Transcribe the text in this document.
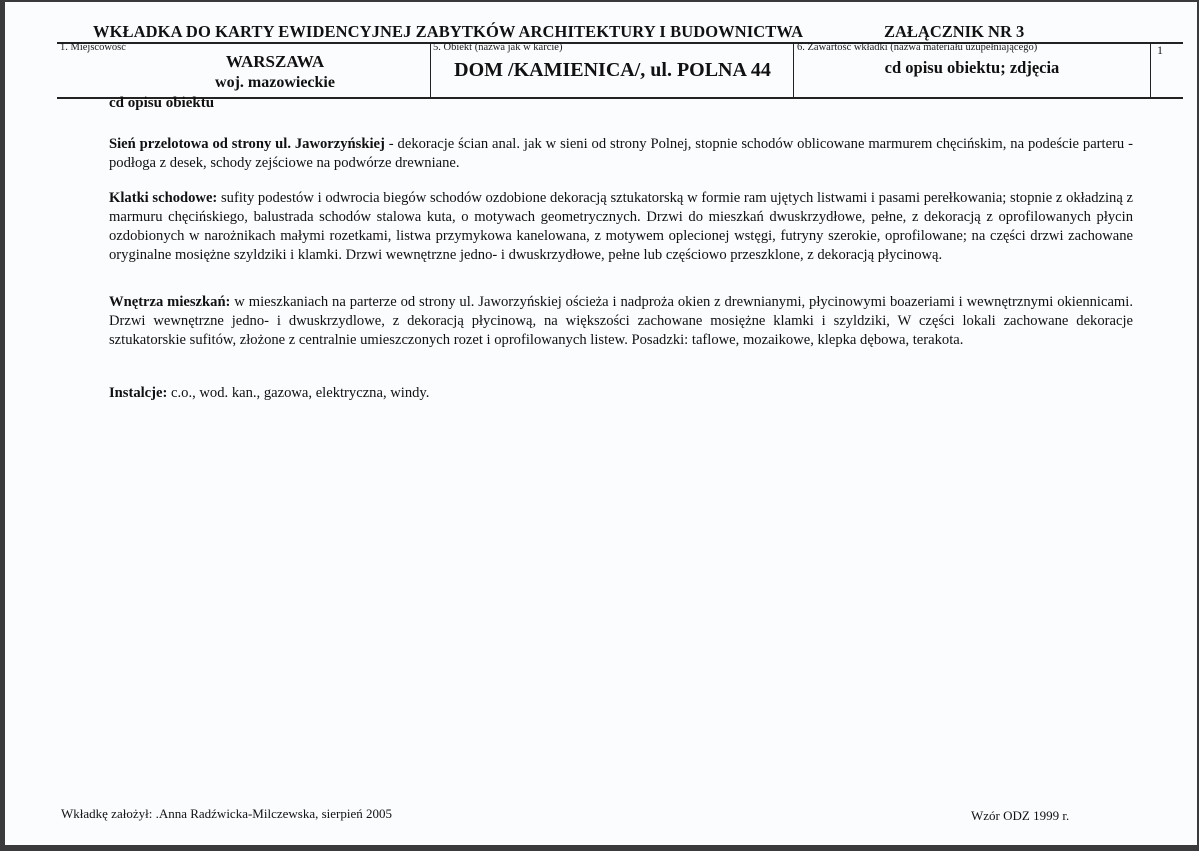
WKŁADKA DO KARTY EWIDENCYJNEJ ZABYTKÓW ARCHITEKTURY I BUDOWNICTWA	ZAŁĄCZNIK NR 3
1. Miejscowość
WARSZAWA
woj. mazowieckie
5. Obiekt (nazwa jak w karcie)
DOM /KAMIENICA/, ul. POLNA 44
6. Zawartość wkładki (nazwa materiału uzupełniającego)
cd opisu obiektu; zdjęcia
1
cd opisu obiektu
Sień przelotowa od strony ul. Jaworzyńskiej - dekoracje ścian anal. jak w sieni od strony Polnej, stopnie schodów oblicowane marmurem chęcińskim, na podeście parteru - podłoga z desek, schody zejściowe na podwórze drewniane.
Klatki schodowe: sufity podestów i odwrocia biegów schodów ozdobione dekoracją sztukatorską w formie ram ujętych listwami i pasami perełkowania; stopnie z okładziną z marmuru chęcińskiego, balustrada schodów stalowa kuta, o motywach geometrycznych. Drzwi do mieszkań dwuskrzydłowe, pełne, z dekoracją z oprofilowanych płycin ozdobionych w narożnikach małymi rozetkami, listwa przymykowa kanelowana, z motywem oplecionej wstęgi, futryny szerokie, oprofilowane; na części drzwi zachowane oryginalne mosiężne szyldziki i klamki. Drzwi wewnętrzne jedno- i dwuskrzydłowe, pełne lub częściowo przeszklone, z dekoracją płycinową.
Wnętrza mieszkań: w mieszkaniach na parterze od strony ul. Jaworzyńskiej ościeża i nadproża okien z drewnianymi, płycinowymi boazeriami i wewnętrznymi okiennicami. Drzwi wewnętrzne jedno- i dwuskrzydlowe, z dekoracją płycinową, na większości zachowane mosiężne klamki i szyldziki, W części lokali zachowane dekoracje sztukatorskie sufitów, złożone z centralnie umieszczonych rozet i oprofilowanych listew. Posadzki: taflowe, mozaikowe, klepka dębowa, terakota.
Instalcje: c.o., wod. kan., gazowa, elektryczna, windy.
Wkładkę założył: .Anna Radźwicka-Milczewska, sierpień 2005	Wzór ODZ 1999 r.
